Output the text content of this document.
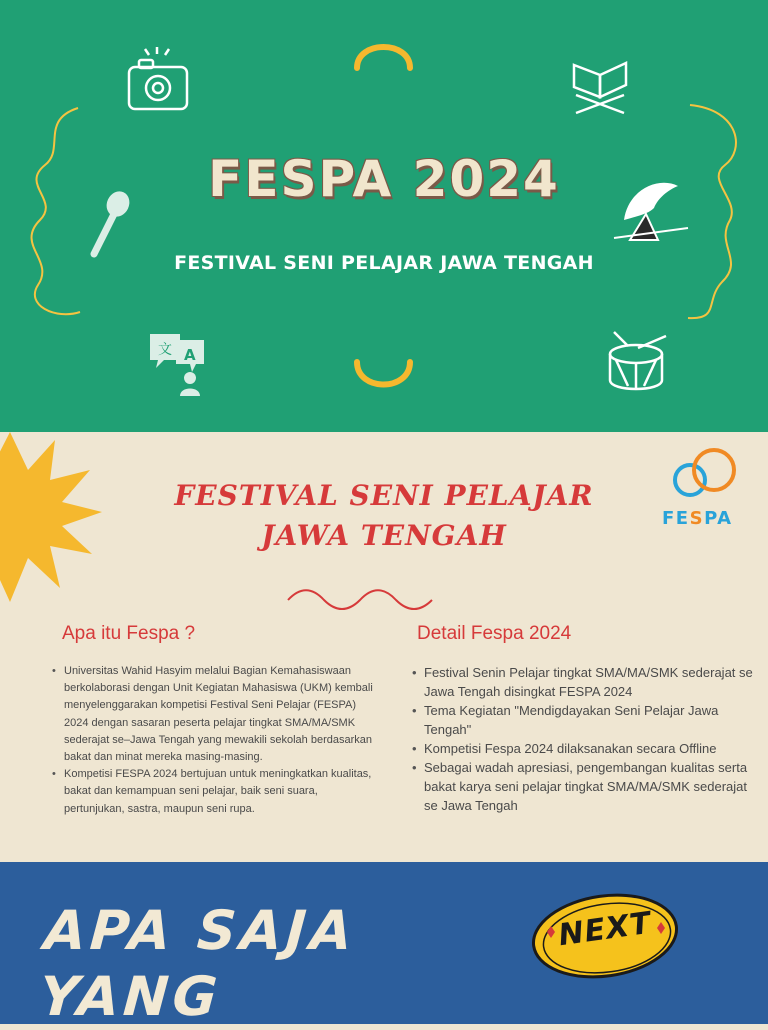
文 A
FESPA 2024
FESTIVAL SENI PELAJAR JAWA TENGAH
FESTIVAL SENI PELAJAR
JAWA TENGAH
FESPA
Apa itu Fespa ?
• Universitas Wahid Hasyim melalui Bagian Kemahasiswaan berkolaborasi dengan Unit Kegiatan Mahasiswa (UKM) kembali menyelenggarakan kompetisi Festival Seni Pelajar (FESPA) 2024 dengan sasaran peserta pelajar tingkat SMA/MA/SMK sederajat se–Jawa Tengah yang mewakili sekolah berdasarkan bakat dan minat mereka masing-masing.
• Kompetisi FESPA 2024 bertujuan untuk meningkatkan kualitas, bakat dan kemampuan seni pelajar, baik seni suara, pertunjukan, sastra, maupun seni rupa.
Detail Fespa 2024
• Festival Senin Pelajar tingkat SMA/MA/SMK sederajat se Jawa Tengah disingkat FESPA 2024
• Tema Kegiatan "Mendigdayakan Seni Pelajar Jawa Tengah"
• Kompetisi Fespa 2024 dilaksanakan secara Offline
• Sebagai wadah apresiasi, pengembangan kualitas serta bakat karya seni pelajar tingkat SMA/MA/SMK sederajat se Jawa Tengah
APA SAJA
YANG
NEXT
